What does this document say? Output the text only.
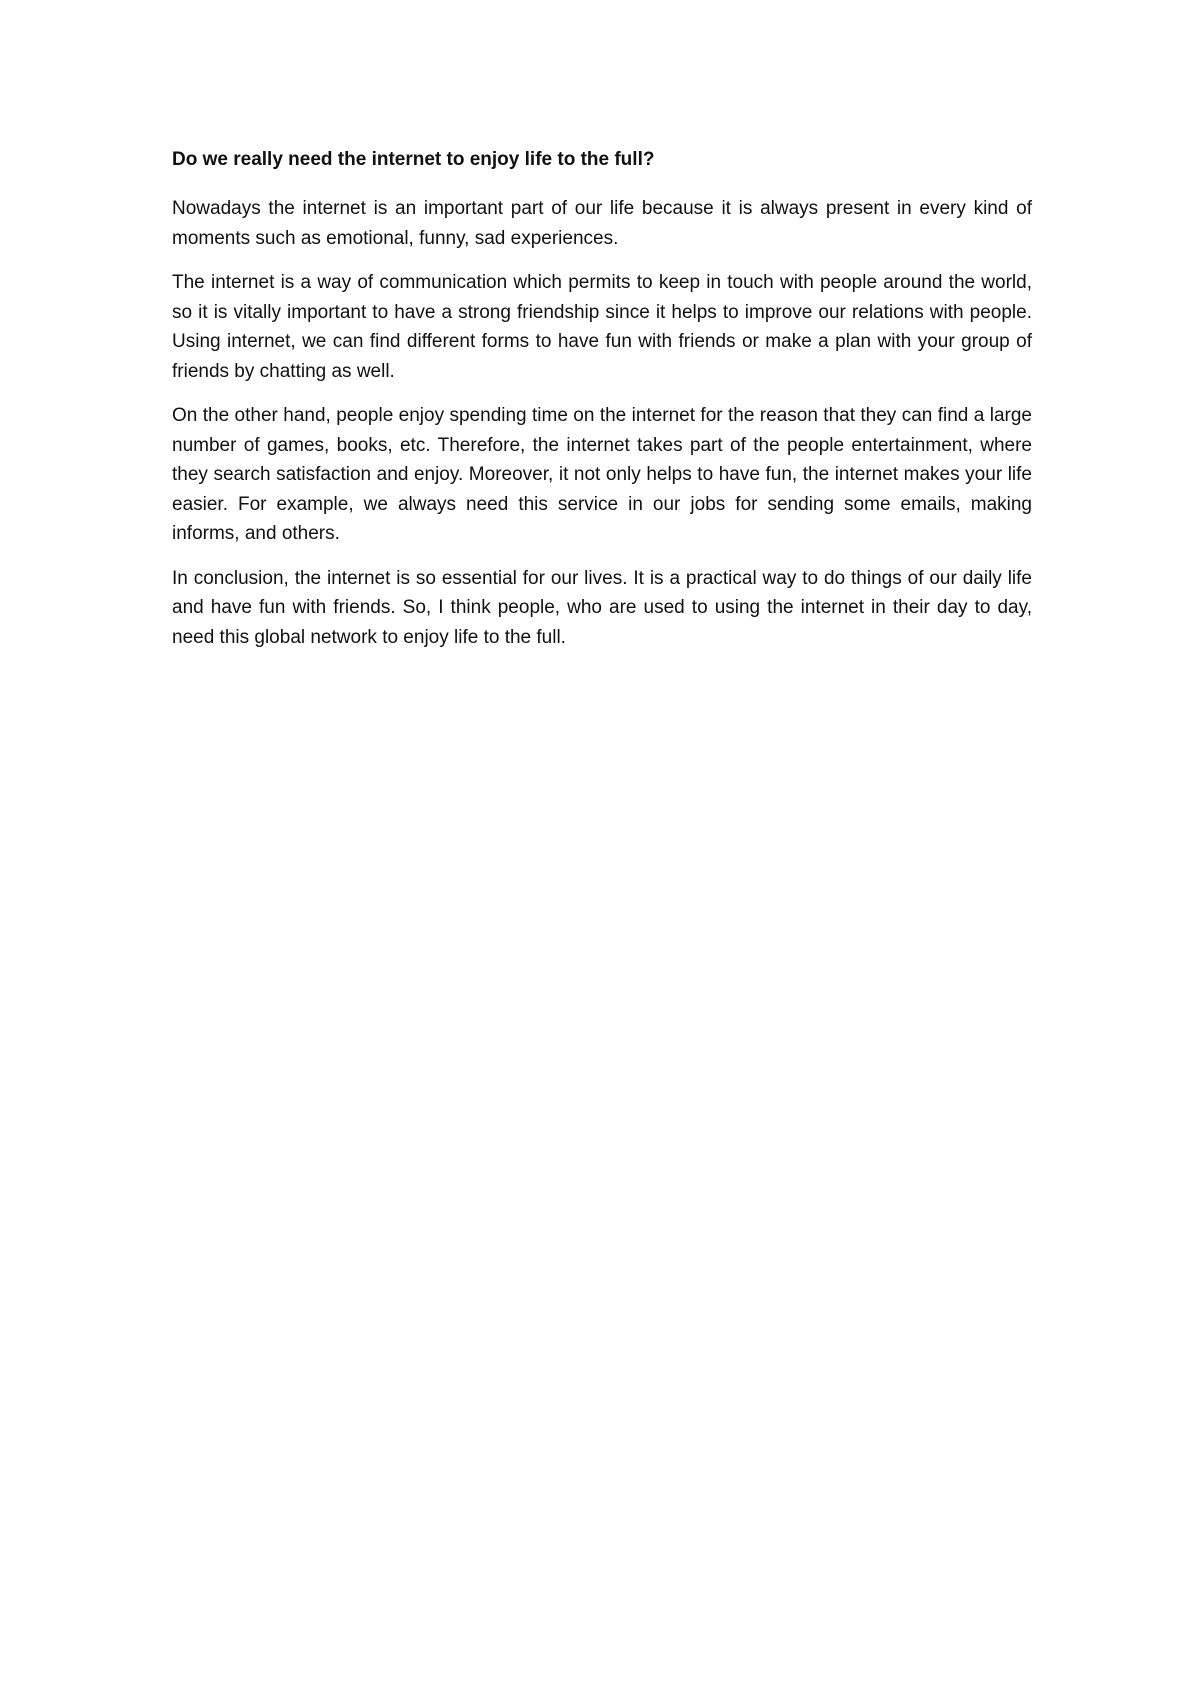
Do we really need the internet to enjoy life to the full?

Nowadays the internet is an important part of our life because it is always present in every kind of moments such as emotional, funny, sad experiences.

The internet is a way of communication which permits to keep in touch with people around the world, so it is vitally important to have a strong friendship since it helps to improve our relations with people. Using internet, we can find different forms to have fun with friends or make a plan with your group of friends by chatting as well.

On the other hand, people enjoy spending time on the internet for the reason that they can find a large number of games, books, etc. Therefore, the internet takes part of the people entertainment, where they search satisfaction and enjoy. Moreover, it not only helps to have fun, the internet makes your life easier. For example, we always need this service in our jobs for sending some emails, making informs, and others.

In conclusion, the internet is so essential for our lives. It is a practical way to do things of our daily life and have fun with friends. So, I think people, who are used to using the internet in their day to day, need this global network to enjoy life to the full.
